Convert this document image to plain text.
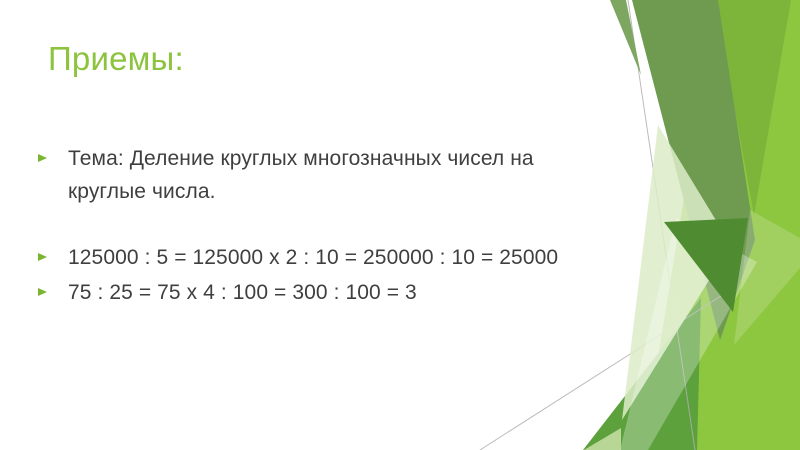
Приемы:
Тема: Деление круглых многозначных чисел на круглые числа.
125000 : 5 = 125000 x 2 : 10 = 250000 : 10 = 25000
75 : 25 = 75 x 4 : 100 = 300 : 100 = 3
